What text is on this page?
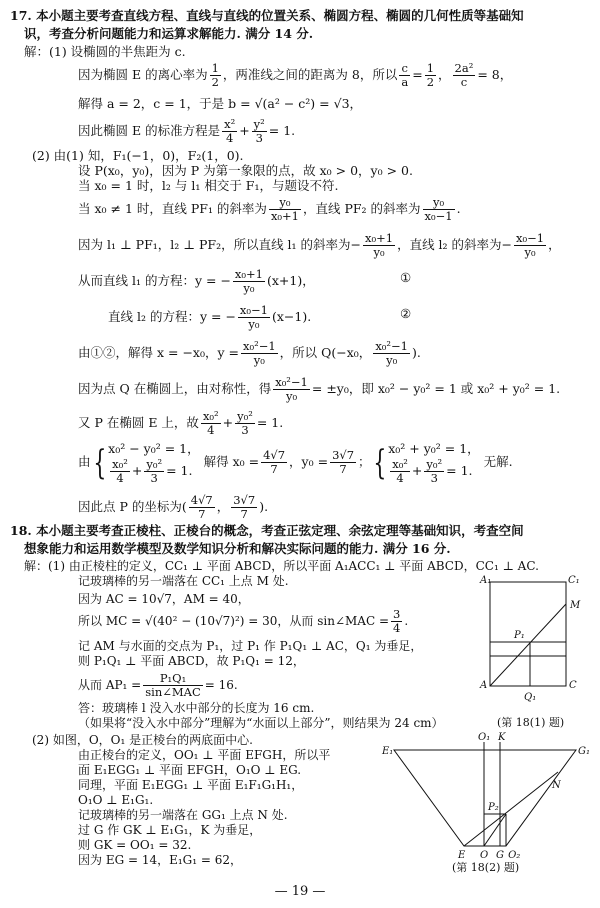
17. 本小题主要考查直线方程、直线与直线的位置关系、椭圆方程、椭圆的几何性质等基础知
识，考查分析问题能力和运算求解能力. 满分 14 分.
解：(1) 设椭圆的半焦距为 c.
因为椭圆 E 的离心率为 $\frac{1}{2}$ ，两准线之间的距离为 8，所以 $\frac{c}{a} = \frac{1}{2}$ ， $\frac{\text{2a²}}{c} = 8$，
解得 a = 2，c = 1，于是 b = √(a² − c²) = √3，
因此椭圆 E 的标准方程是 $\frac{\text{x²}}{4} + \frac{\text{y²}}{3} = 1$.
(2) 由(1) 知，F₁(−1，0)，F₂(1，0).
设 P(x₀，y₀)，因为 P 为第一象限的点，故 x₀ > 0，y₀ > 0.
当 x₀ = 1 时，l₂ 与 l₁ 相交于 F₁，与题设不符.
当 x₀ ≠ 1 时，直线 PF₁ 的斜率为 $\frac{\text{y₀}}{\text{x₀+1}}$ ，直线 PF₂ 的斜率为 $\frac{\text{y₀}}{\text{x₀−1}}$ .
因为 l₁ ⊥ PF₁，l₂ ⊥ PF₂，所以直线 l₁ 的斜率为− $\frac{\text{x₀+1}}{\text{y₀}}$ ，直线 l₂ 的斜率为− $\frac{\text{x₀−1}}{\text{y₀}}$ ，
从而直线 l₁ 的方程：y = − $\frac{\text{x₀+1}}{\text{y₀}} (x+1)$，	①
直线 l₂ 的方程：y = − $\frac{\text{x₀−1}}{\text{y₀}} (x-1)$.	②
由①②，解得 x = −x₀，$y = \frac{\text{x₀²−1}}{\text{y₀}}$ ，所以 Q(−x₀， $\frac{\text{x₀²−1}}{\text{y₀}}$ ).
因为点 Q 在椭圆上，由对称性，得 $\frac{\text{x₀²−1}}{\text{y₀}} = \pm y_0$，即 x₀² − y₀² = 1 或 x₀² + y₀² = 1.
又 P 在椭圆 E 上，故 $\frac{\text{x₀²}}{4} + \frac{\text{y₀²}}{3} = 1$.
由{ x₀² − y₀² = 1，

$\frac{\text{x₀²}}{4} + \frac{\text{y₀²}}{3} = 1$. 解得 $x_0 = \frac{4√7}{7}$ ，$y_0 = \frac{3√7}{7}$ ；{ x₀² + y₀² = 1，

$\frac{\text{x₀²}}{4} + \frac{\text{y₀²}}{3} = 1$. 无解.
因此点 P 的坐标为( $\frac{4√7}{7}$ ， $\frac{3√7}{7}$ ).
18. 本小题主要考查正棱柱、正棱台的概念，考查正弦定理、余弦定理等基础知识，考查空间
想象能力和运用数学模型及数学知识分析和解决实际问题的能力. 满分 16 分.
解：(1) 由正棱柱的定义，CC₁ ⊥ 平面 ABCD，所以平面 A₁ACC₁ ⊥ 平面 ABCD，CC₁ ⊥ AC.
记玻璃棒的另一端落在 CC₁ 上点 M 处.
因为 AC = 10√7，AM = 40，
所以 MC = √(40² − (10√7)²) = 30，从而 sin∠MAC = $\frac{3}{4}$ .
记 AM 与水面的交点为 P₁，过 P₁ 作 P₁Q₁ ⊥ AC，Q₁ 为垂足，
则 P₁Q₁ ⊥ 平面 ABCD，故 P₁Q₁ = 12，
从而 $AP_1 = \frac{\text{P₁Q₁}}{\text{sin∠MAC}} = 16$.
答：玻璃棒 l 没入水中部分的长度为 16 cm.
（如果将“没入水中部分”理解为“水面以上部分”，则结果为 24 cm）
(2) 如图，O，O₁ 是正棱台的两底面中心.
由正棱台的定义，OO₁ ⊥ 平面 EFGH，所以平
面 E₁EGG₁ ⊥ 平面 EFGH，O₁O ⊥ EG.
同理，平面 E₁EGG₁ ⊥ 平面 E₁F₁G₁H₁，
O₁O ⊥ E₁G₁.
记玻璃棒的另一端落在 GG₁ 上点 N 处.
过 G 作 GK ⊥ E₁G₁，K 为垂足，
则 GK = OO₁ = 32.
因为 EG = 14，E₁G₁ = 62，
A₁	C₁
M
P₁
A	C
Q₁
(第 18(1) 题)
O₁ K
E₁	G₁
N
P₂
E O G Q₂
(第 18(2) 题)
— 19 —
